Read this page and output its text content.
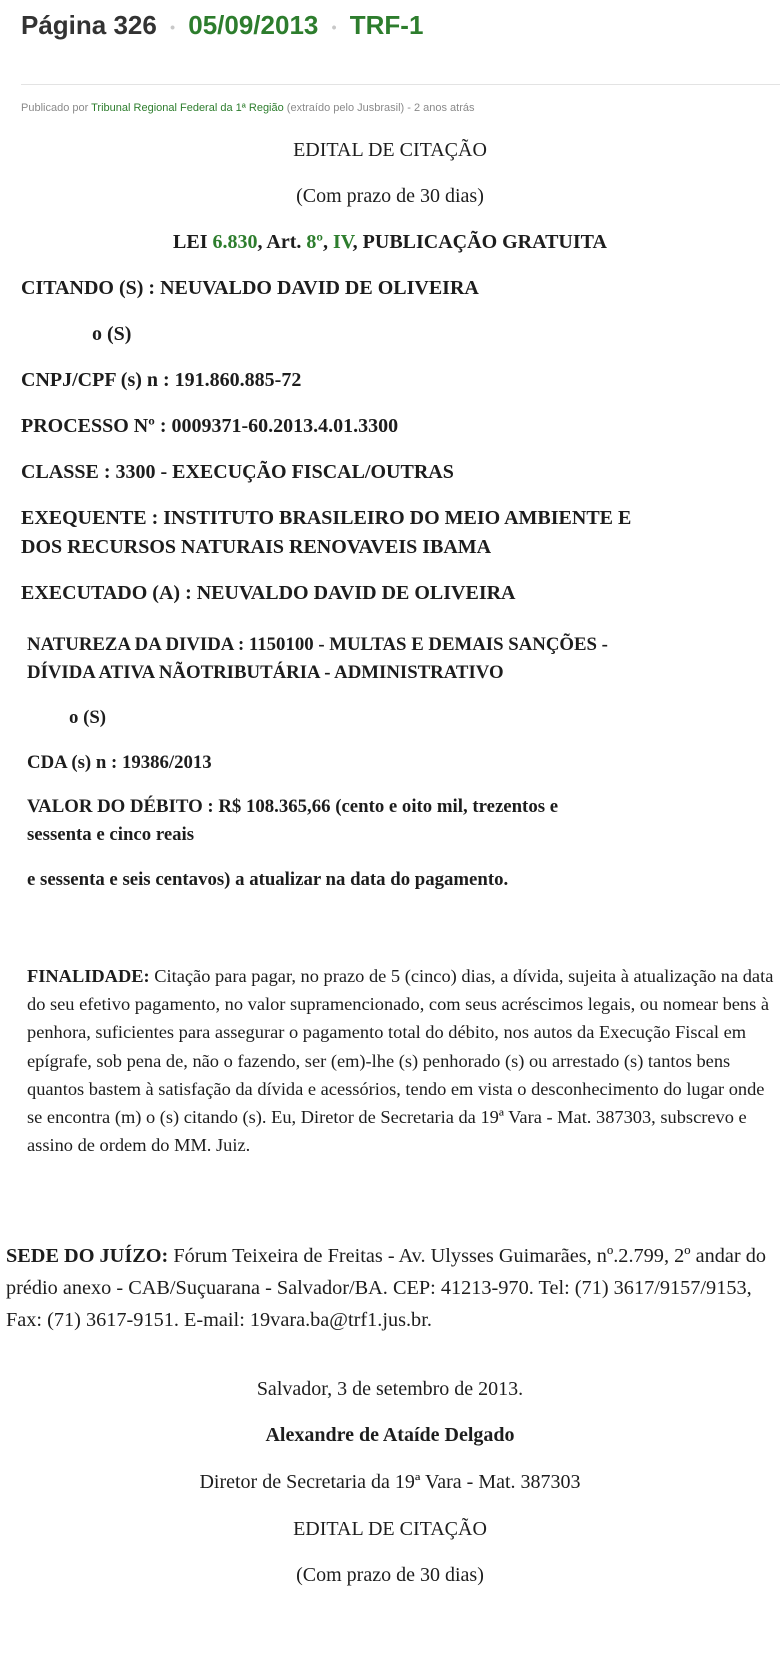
Página 326 • 05/09/2013 • TRF-1
Publicado por Tribunal Regional Federal da 1ª Região (extraído pelo Jusbrasil) - 2 anos atrás
EDITAL DE CITAÇÃO
(Com prazo de 30 dias)
LEI 6.830, Art. 8º, IV, PUBLICAÇÃO GRATUITA
CITANDO (S) : NEUVALDO DAVID DE OLIVEIRA
o (S)
CNPJ/CPF (s) n : 191.860.885-72
PROCESSO Nº : 0009371-60.2013.4.01.3300
CLASSE : 3300 - EXECUÇÃO FISCAL/OUTRAS
EXEQUENTE : INSTITUTO BRASILEIRO DO MEIO AMBIENTE E
DOS RECURSOS NATURAIS RENOVAVEIS IBAMA
EXECUTADO (A) : NEUVALDO DAVID DE OLIVEIRA
NATUREZA DA DIVIDA : 1150100 - MULTAS E DEMAIS SANÇÕES -
DÍVIDA ATIVA NÃOTRIBUTÁRIA - ADMINISTRATIVO
o (S)
CDA (s) n : 19386/2013
VALOR DO DÉBITO : R$ 108.365,66 (cento e oito mil, trezentos e
sessenta e cinco reais
e sessenta e seis centavos) a atualizar na data do pagamento.
FINALIDADE: Citação para pagar, no prazo de 5 (cinco) dias, a dívida, sujeita à atualização na data do seu efetivo pagamento, no valor supramencionado, com seus acréscimos legais, ou nomear bens à penhora, suficientes para assegurar o pagamento total do débito, nos autos da Execução Fiscal em epígrafe, sob pena de, não o fazendo, ser (em)-lhe (s) penhorado (s) ou arrestado (s) tantos bens quantos bastem à satisfação da dívida e acessórios, tendo em vista o desconhecimento do lugar onde se encontra (m) o (s) citando (s). Eu, Diretor de Secretaria da 19ª Vara - Mat. 387303, subscrevo e assino de ordem do MM. Juiz.
SEDE DO JUÍZO: Fórum Teixeira de Freitas - Av. Ulysses Guimarães, nº.2.799, 2º andar do prédio anexo - CAB/Suçuarana - Salvador/BA. CEP: 41213-970. Tel: (71) 3617/9157/9153, Fax: (71) 3617-9151. E-mail: 19vara.ba@trf1.jus.br.
Salvador, 3 de setembro de 2013.
Alexandre de Ataíde Delgado
Diretor de Secretaria da 19ª Vara - Mat. 387303
EDITAL DE CITAÇÃO
(Com prazo de 30 dias)
